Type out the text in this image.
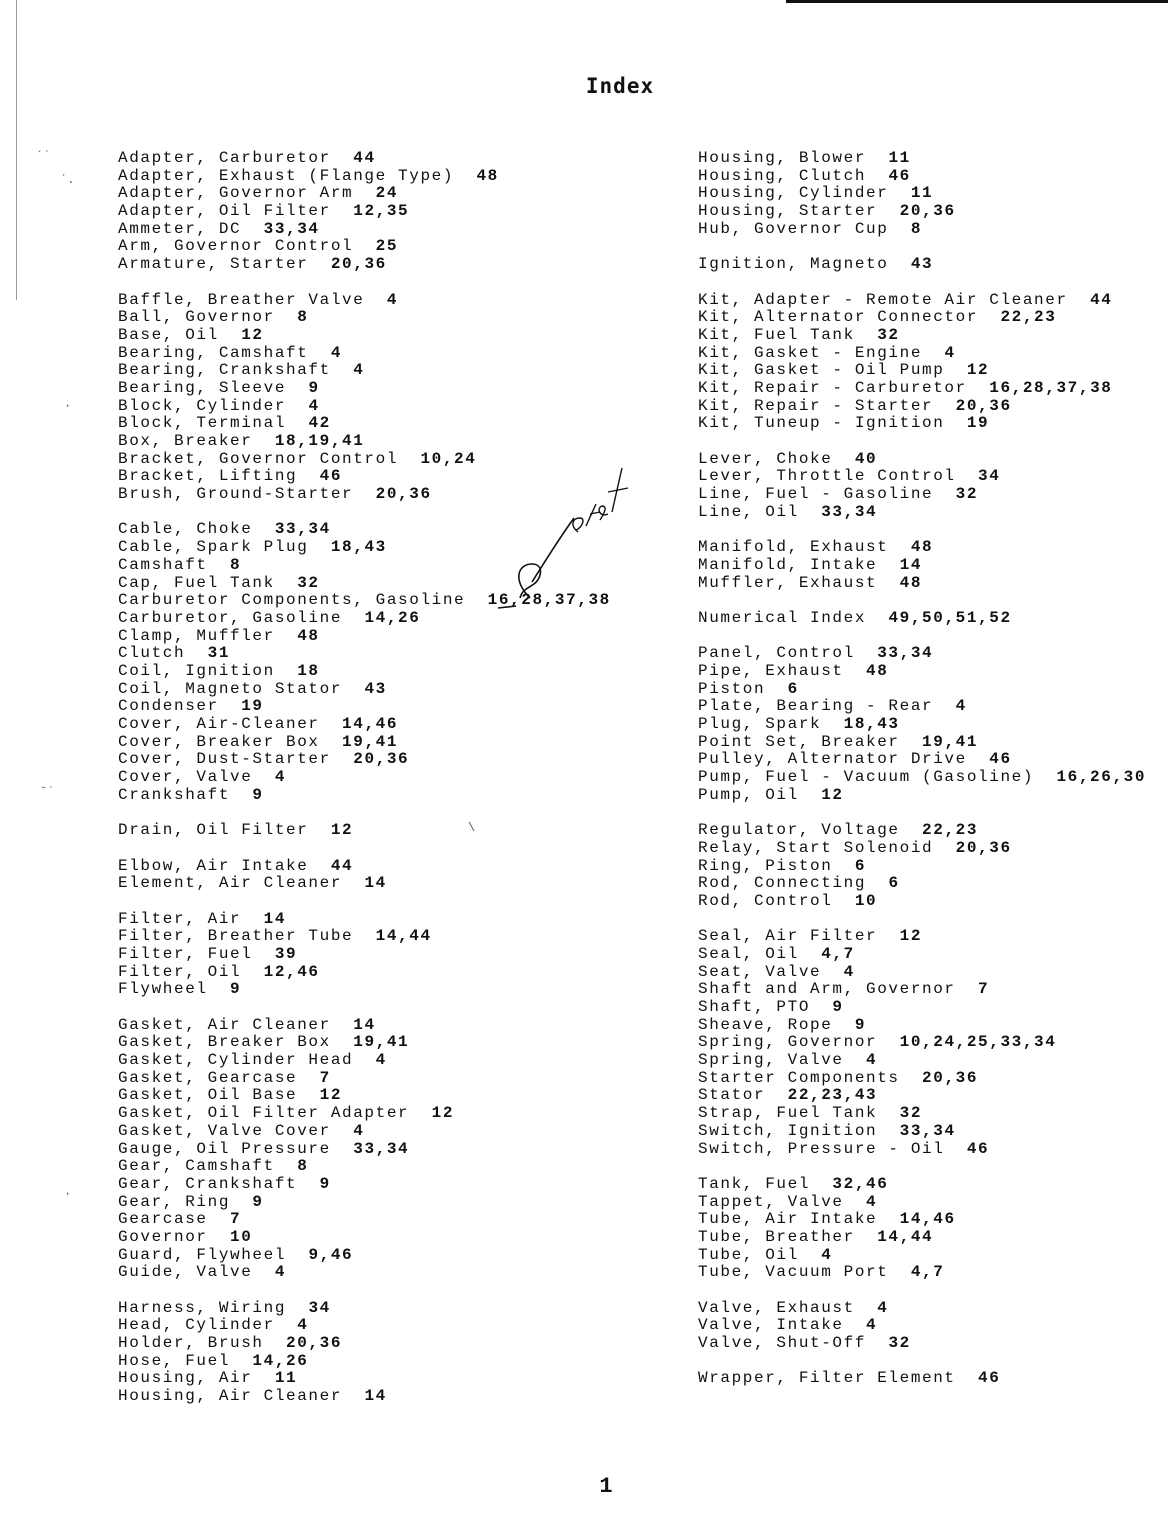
Index
Adapter, Carburetor 44
Adapter, Exhaust (Flange Type) 48
Adapter, Governor Arm 24
Adapter, Oil Filter 12,35
Ammeter, DC 33,34
Arm, Governor Control 25
Armature, Starter 20,36
Baffle, Breather Valve 4
Ball, Governor 8
Base, Oil 12
Bearing, Camshaft 4
Bearing, Crankshaft 4
Bearing, Sleeve 9
Block, Cylinder 4
Block, Terminal 42
Box, Breaker 18,19,41
Bracket, Governor Control 10,24
Bracket, Lifting 46
Brush, Ground-Starter 20,36
Cable, Choke 33,34
Cable, Spark Plug 18,43
Camshaft 8
Cap, Fuel Tank 32
Carburetor Components, Gasoline 16,28,37,38
Carburetor, Gasoline 14,26
Clamp, Muffler 48
Clutch 31
Coil, Ignition 18
Coil, Magneto Stator 43
Condenser 19
Cover, Air-Cleaner 14,46
Cover, Breaker Box 19,41
Cover, Dust-Starter 20,36
Cover, Valve 4
Crankshaft 9
Drain, Oil Filter 12
Elbow, Air Intake 44
Element, Air Cleaner 14
Filter, Air 14
Filter, Breather Tube 14,44
Filter, Fuel 39
Filter, Oil 12,46
Flywheel 9
Gasket, Air Cleaner 14
Gasket, Breaker Box 19,41
Gasket, Cylinder Head 4
Gasket, Gearcase 7
Gasket, Oil Base 12
Gasket, Oil Filter Adapter 12
Gasket, Valve Cover 4
Gauge, Oil Pressure 33,34
Gear, Camshaft 8
Gear, Crankshaft 9
Gear, Ring 9
Gearcase 7
Governor 10
Guard, Flywheel 9,46
Guide, Valve 4
Harness, Wiring 34
Head, Cylinder 4
Holder, Brush 20,36
Hose, Fuel 14,26
Housing, Air 11
Housing, Air Cleaner 14
Housing, Blower 11
Housing, Clutch 46
Housing, Cylinder 11
Housing, Starter 20,36
Hub, Governor Cup 8
Ignition, Magneto 43
Kit, Adapter - Remote Air Cleaner 44
Kit, Alternator Connector 22,23
Kit, Fuel Tank 32
Kit, Gasket - Engine 4
Kit, Gasket - Oil Pump 12
Kit, Repair - Carburetor 16,28,37,38
Kit, Repair - Starter 20,36
Kit, Tuneup - Ignition 19
Lever, Choke 40
Lever, Throttle Control 34
Line, Fuel - Gasoline 32
Line, Oil 33,34
Manifold, Exhaust 48
Manifold, Intake 14
Muffler, Exhaust 48
Numerical Index 49,50,51,52
Panel, Control 33,34
Pipe, Exhaust 48
Piston 6
Plate, Bearing - Rear 4
Plug, Spark 18,43
Point Set, Breaker 19,41
Pulley, Alternator Drive 46
Pump, Fuel - Vacuum (Gasoline) 16,26,30
Pump, Oil 12
Regulator, Voltage 22,23
Relay, Start Solenoid 20,36
Ring, Piston 6
Rod, Connecting 6
Rod, Control 10
Seal, Air Filter 12
Seal, Oil 4,7
Seat, Valve 4
Shaft and Arm, Governor 7
Shaft, PTO 9
Sheave, Rope 9
Spring, Governor 10,24,25,33,34
Spring, Valve 4
Starter Components 20,36
Stator 22,23,43
Strap, Fuel Tank 32
Switch, Ignition 33,34
Switch, Pressure - Oil 46
Tank, Fuel 32,46
Tappet, Valve 4
Tube, Air Intake 14,46
Tube, Breather 14,44
Tube, Oil 4
Tube, Vacuum Port 4,7
Valve, Exhaust 4
Valve, Intake 4
Valve, Shut-Off 32
Wrapper, Filter Element 46
´˙
˙.
˘˙
\
·
·
1
